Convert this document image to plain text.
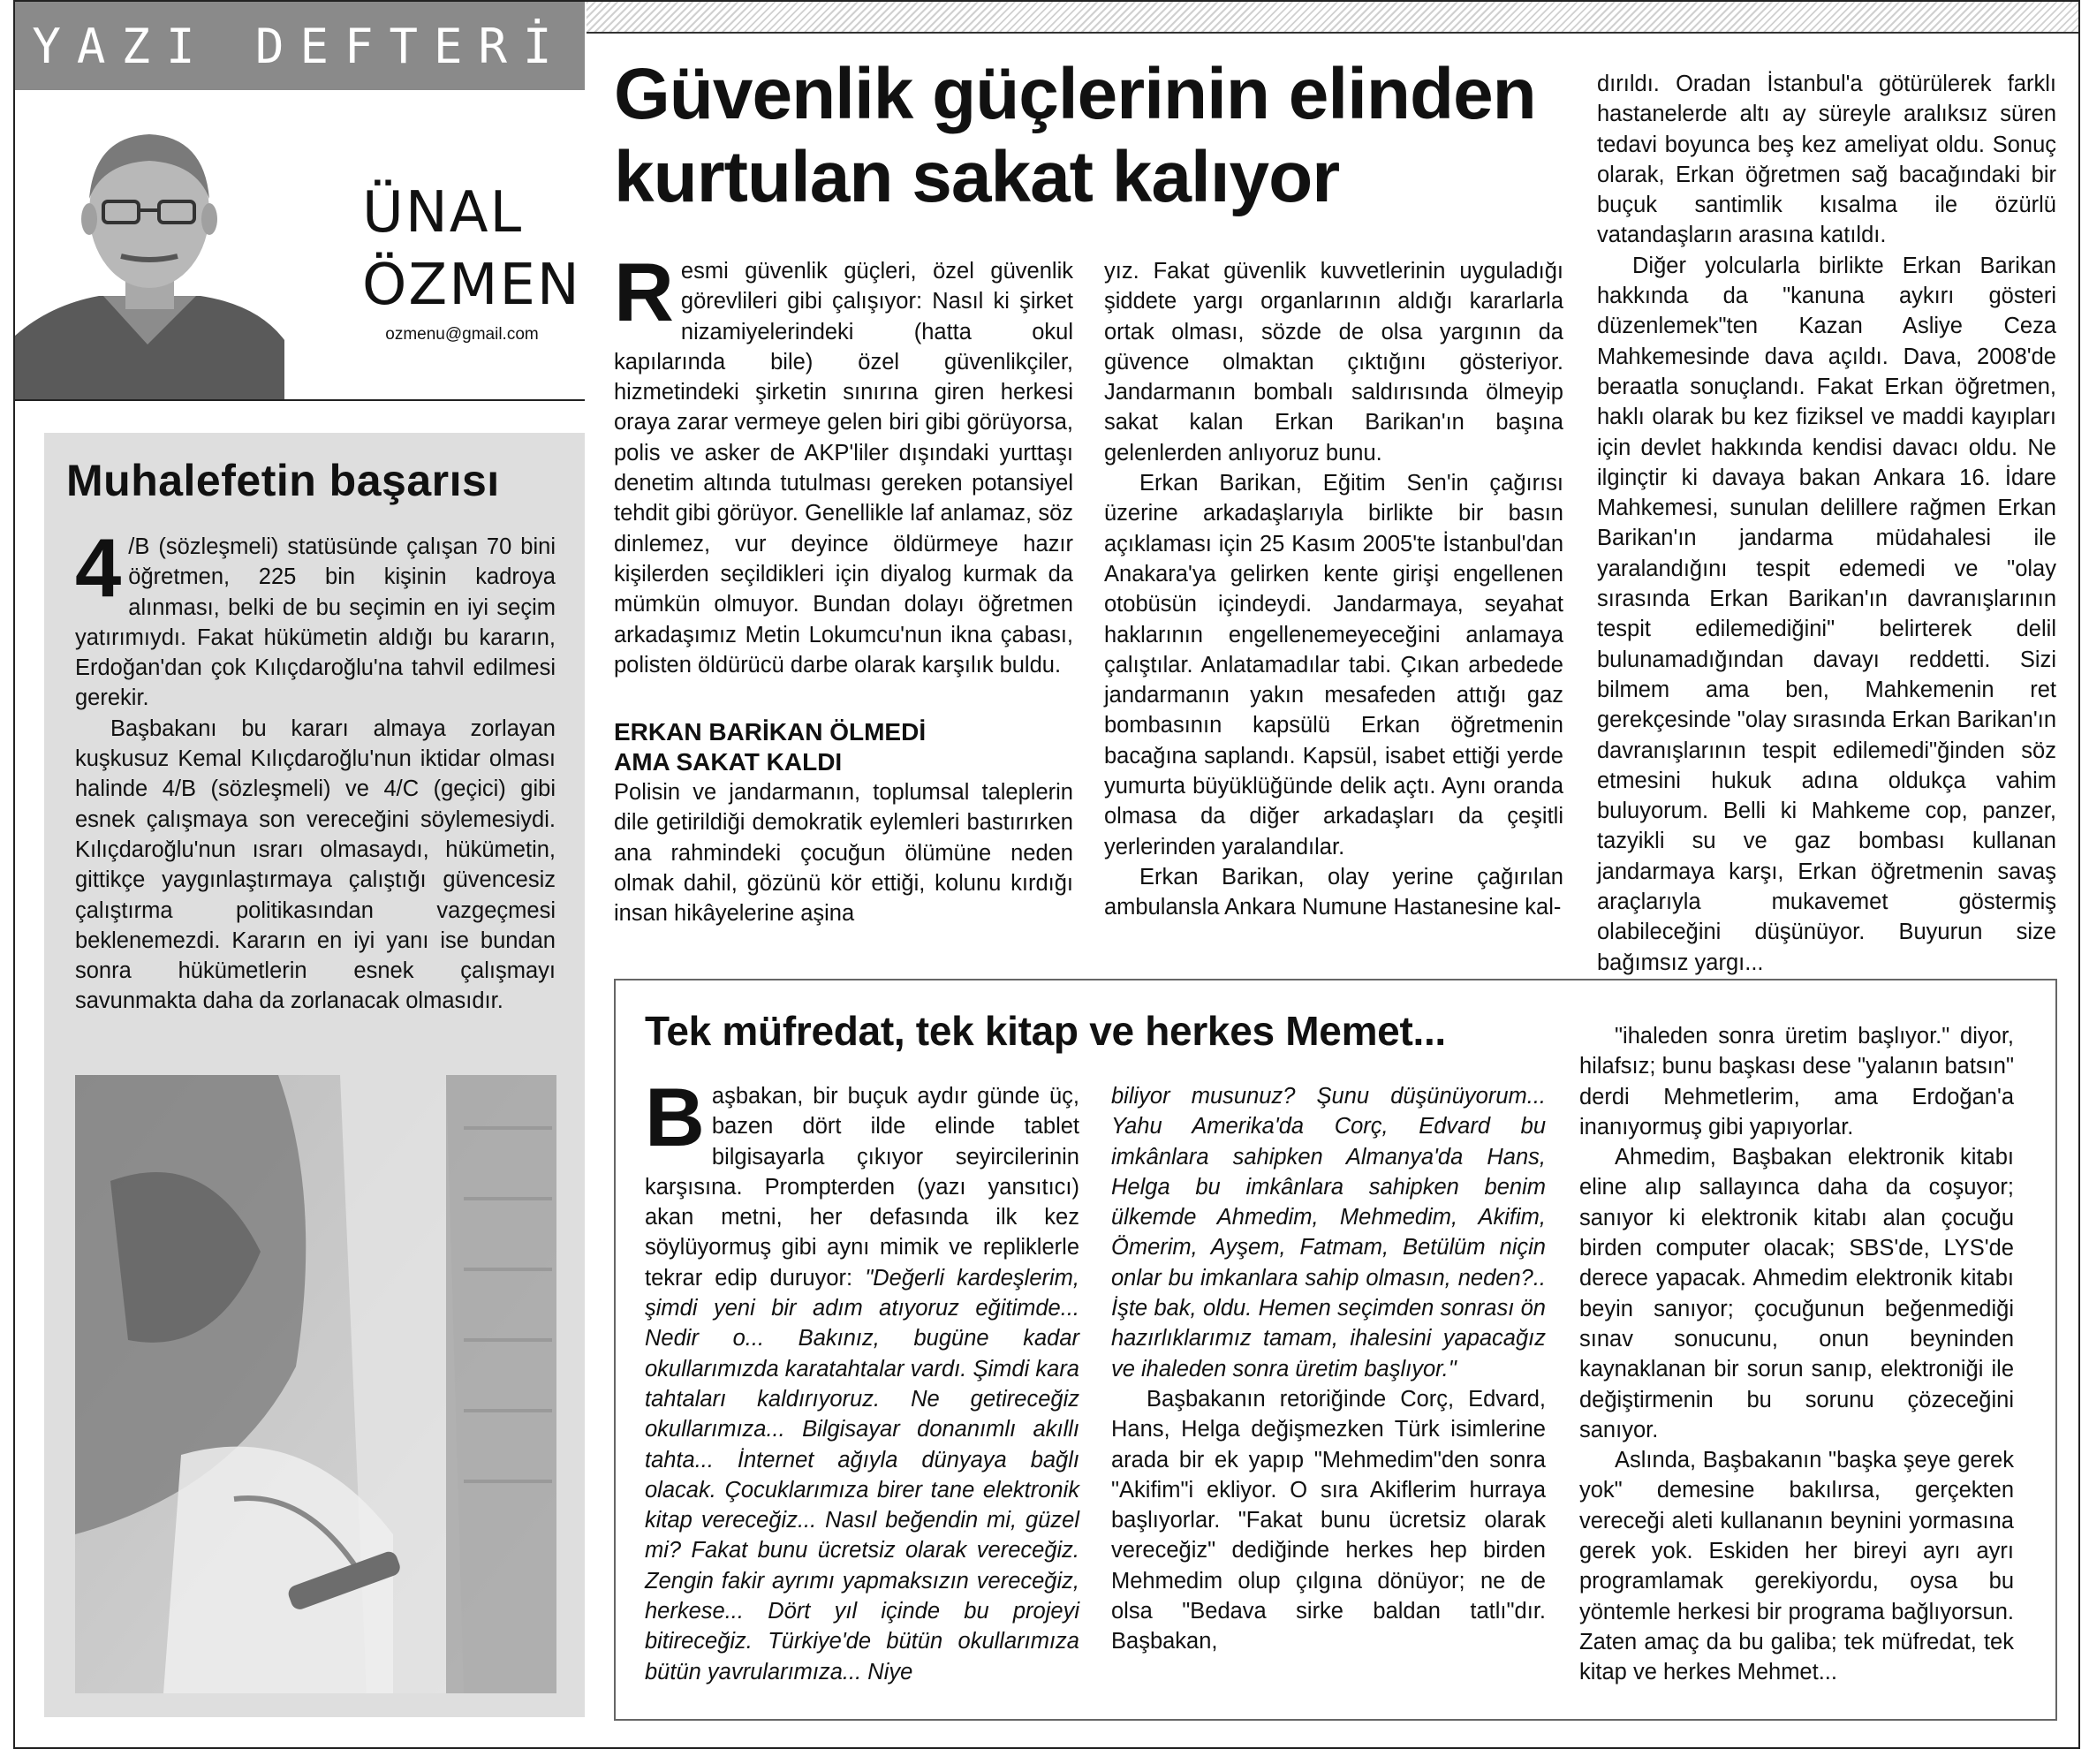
YAZI DEFTERİ
ÜNAL
ÖZMEN
ozmenu@gmail.com
Muhalefetin başarısı

4 /B (sözleşmeli) statüsünde çalışan 70 bini öğretmen, 225 bin kişinin kadroya alınması, belki de bu seçimin en iyi seçim yatırımıydı. Fakat hükümetin aldığı bu kararın, Erdoğan'dan çok Kılıçdaroğlu'na tahvil edilmesi gerekir.

Başbakanı bu kararı almaya zorlayan kuşkusuz Kemal Kılıçdaroğlu'nun iktidar olması halinde 4/B (sözleşmeli) ve 4/C (geçici) gibi esnek çalışmaya son vereceğini söylemesiydi. Kılıçdaroğlu'nun ısrarı olmasaydı, hükümetin, gittikçe yaygınlaştırmaya çalıştığı güvencesiz çalıştırma politikasından vazgeçmesi beklenemezdi. Kararın en iyi yanı ise bundan sonra hükümetlerin esnek çalışmayı savunmakta daha da zorlanacak olmasıdır.

Güvenlik güçlerinin elinden kurtulan sakat kalıyor

Resmi güvenlik güçleri, özel güvenlik görevlileri gibi çalışıyor: Nasıl ki şirket nizamiyelerindeki (hatta okul kapılarında bile) özel güvenlikçiler, hizmetindeki şirketin sınırına giren herkesi oraya zarar vermeye gelen biri gibi görüyorsa, polis ve asker de AKP'liler dışındaki yurttaşı denetim altında tutulması gereken potansiyel tehdit gibi görüyor. Genellikle laf anlamaz, söz dinlemez, vur deyince öldürmeye hazır kişilerden seçildikleri için diyalog kurmak da mümkün olmuyor. Bundan dolayı öğretmen arkadaşımız Metin Lokumcu'nun ikna çabası, polisten öldürücü darbe olarak karşılık buldu.

ERKAN BARİKAN ÖLMEDİ
AMA SAKAT KALDI

Polisin ve jandarmanın, toplumsal taleplerin dile getirildiği demokratik eylemleri bastırırken ana rahmindeki çocuğun ölümüne neden olmak dahil, gözünü kör ettiği, kolunu kırdığı insan hikâyelerine aşina

yız. Fakat güvenlik kuvvetlerinin uyguladığı şiddete yargı organlarının aldığı kararlarla ortak olması, sözde de olsa yargının da güvence olmaktan çıktığını gösteriyor. Jandarmanın bombalı saldırısında ölmeyip sakat kalan Erkan Barikan'ın başına gelenlerden anlıyoruz bunu.

Erkan Barikan, Eğitim Sen'in çağırısı üzerine arkadaşlarıyla birlikte bir basın açıklaması için 25 Kasım 2005'te İstanbul'dan Anakara'ya gelirken kente girişi engellenen otobüsün içindeydi. Jandarmaya, seyahat haklarının engellenemeyeceğini anlamaya çalıştılar. Anlatamadılar tabi. Çıkan arbedede jandarmanın yakın mesafeden attığı gaz bombasının kapsülü Erkan öğretmenin bacağına saplandı. Kapsül, isabet ettiği yerde yumurta büyüklüğünde delik açtı. Aynı oranda olmasa da diğer arkadaşları da çeşitli yerlerinden yaralandılar.

Erkan Barikan, olay yerine çağırılan ambulansla Ankara Numune Hastanesine kal-

dırıldı. Oradan İstanbul'a götürülerek farklı hastanelerde altı ay süreyle aralıksız süren tedavi boyunca beş kez ameliyat oldu. Sonuç olarak, Erkan öğretmen sağ bacağındaki bir buçuk santimlik kısalma ile özürlü vatandaşların arasına katıldı.

Diğer yolcularla birlikte Erkan Barikan hakkında da "kanuna aykırı gösteri düzenlemek"ten Kazan Asliye Ceza Mahkemesinde dava açıldı. Dava, 2008'de beraatla sonuçlandı. Fakat Erkan öğretmen, haklı olarak bu kez fiziksel ve maddi kayıpları için devlet hakkında kendisi davacı oldu. Ne ilginçtir ki davaya bakan Ankara 16. İdare Mahkemesi, sunulan delillere rağmen Erkan Barikan'ın jandarma müdahalesi ile yaralandığını tespit edemedi ve "olay sırasında Erkan Barikan'ın davranışlarının tespit edilemediğini" belirterek delil bulunamadığından davayı reddetti. Sizi bilmem ama ben, Mahkemenin ret gerekçesinde "olay sırasında Erkan Barikan'ın davranışlarının tespit edilemedi"ğinden söz etmesini hukuk adına oldukça vahim buluyorum. Belli ki Mahkeme cop, panzer, tazyikli su ve gaz bombası kullanan jandarmaya karşı, Erkan öğretmenin savaş araçlarıyla mukavemet göstermiş olabileceğini düşünüyor. Buyurun size bağımsız yargı...

Tek müfredat, tek kitap ve herkes Memet...

Başbakan, bir buçuk aydır günde üç, bazen dört ilde elinde tablet bilgisayarla çıkıyor seyircilerinin karşısına. Prompterden (yazı yansıtıcı) akan metni, her defasında ilk kez söylüyormuş gibi aynı mimik ve repliklerle tekrar edip duruyor: "Değerli kardeşlerim, şimdi yeni bir adım atıyoruz eğitimde... Nedir o... Bakınız, bugüne kadar okullarımızda karatahtalar vardı. Şimdi kara tahtaları kaldırıyoruz. Ne getireceğiz okullarımıza... Bilgisayar donanımlı akıllı tahta... İnternet ağıyla dünyaya bağlı olacak. Çocuklarımıza birer tane elektronik kitap vereceğiz... Nasıl beğendin mi, güzel mi? Fakat bunu ücretsiz olarak vereceğiz. Zengin fakir ayrımı yapmaksızın vereceğiz, herkese... Dört yıl içinde bu projeyi bitireceğiz. Türkiye'de bütün okullarımıza bütün yavrularımıza... Niye

biliyor musunuz? Şunu düşünüyorum... Yahu Amerika'da Corç, Edvard bu imkânlara sahipken Almanya'da Hans, Helga bu imkânlara sahipken benim ülkemde Ahmedim, Mehmedim, Akifim, Ömerim, Ayşem, Fatmam, Betülüm niçin onlar bu imkanlara sahip olmasın, neden?.. İşte bak, oldu. Hemen seçimden sonrası ön hazırlıklarımız tamam, ihalesini yapacağız ve ihaleden sonra üretim başlıyor."

Başbakanın retoriğinde Corç, Edvard, Hans, Helga değişmezken Türk isimlerine arada bir ek yapıp "Mehmedim"den sonra "Akifim"i ekliyor. O sıra Akiflerim hurraya başlıyorlar. "Fakat bunu ücretsiz olarak vereceğiz" dediğinde herkes hep birden Mehmedim olup çılgına dönüyor; ne de olsa "Bedava sirke baldan tatlı"dır. Başbakan,

"ihaleden sonra üretim başlıyor." diyor, hilafsız; bunu başkası dese "yalanın batsın" derdi Mehmetlerim, ama Erdoğan'a inanıyormuş gibi yapıyorlar.

Ahmedim, Başbakan elektronik kitabı eline alıp sallayınca daha da coşuyor; sanıyor ki elektronik kitabı alan çocuğu birden computer olacak; SBS'de, LYS'de derece yapacak. Ahmedim elektronik kitabı beyin sanıyor; çocuğunun beğenmediği sınav sonucunu, onun beyninden kaynaklanan bir sorun sanıp, elektroniği ile değiştirmenin bu sorunu çözeceğini sanıyor.

Aslında, Başbakanın "başka şeye gerek yok" demesine bakılırsa, gerçekten vereceği aleti kullananın beynini yormasına gerek yok. Eskiden her bireyi ayrı ayrı programlamak gerekiyordu, oysa bu yöntemle herkesi bir programa bağlıyorsun. Zaten amaç da bu galiba; tek müfredat, tek kitap ve herkes Mehmet...
